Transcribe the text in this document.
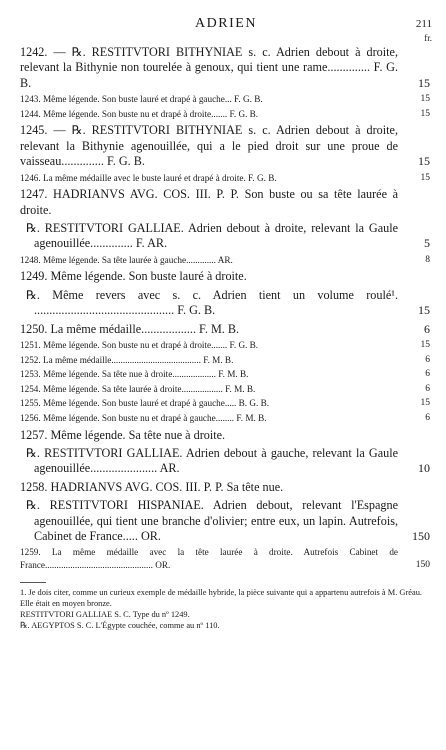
ADRIEN	211
fr.
1242. — ℞. RESTITVTORI BITHYNIAE s. c. Adrien debout à droite, relevant la Bithynie non tourelée à genoux, qui tient une rame.............. F. G. B.	15
1243. Même légende. Son buste lauré et drapé à gauche... F. G. B.	15
1244. Même légende. Son buste nu et drapé à droite....... F. G. B.	15
1245. — ℞. RESTITVTORI BITHYNIAE s. c. Adrien debout à droite, relevant la Bithynie agenouillée, qui a le pied droit sur une proue de vaisseau.............. F. G. B.	15
1246. La même médaille avec le buste lauré et drapé à droite. F. G. B.	15
1247. HADRIANVS AVG. COS. III. P. P. Son buste ou sa tête laurée à droite.
℞. RESTITVTORI GALLIAE. Adrien debout à droite, relevant la Gaule agenouillée.............. F. AR.	5
1248. Même légende. Sa tête laurée à gauche............. AR.	8
1249. Même légende. Son buste lauré à droite.
℞. Même revers avec s. c. Adrien tient un volume roulé¹. .............................................. F. G. B.	15
1250. La même médaille.................. F. M. B.	6
1251. Même légende. Son buste nu et drapé à droite....... F. G. B.	15
1252. La même médaille....................................... F. M. B.	6
1253. Même légende. Sa tête nue à droite................... F. M. B.	6
1254. Même légende. Sa tête laurée à droite.................. F. M. B.	6
1255. Même légende. Son buste lauré et drapé à gauche..... B. G. B.	15
1256. Même légende. Son buste nu et drapé à gauche........ F. M. B.	6
1257. Même légende. Sa tête nue à droite.
℞. RESTITVTORI GALLIAE. Adrien debout à gauche, relevant la Gaule agenouillée...................... AR.	10
1258. HADRIANVS AVG. COS. III. P. P. Sa tête nue.
℞. RESTITVTORI HISPANIAE. Adrien debout, relevant l'Espagne agenouillée, qui tient une branche d'olivier; entre eux, un lapin. Autrefois, Cabinet de France..... OR.	150
1259. La même médaille avec la tête laurée à droite. Autrefois Cabinet de France............................................... OR.	150
1. Je dois citer, comme un curieux exemple de médaille hybride, la pièce suivante qui a appartenu autrefois à M. Gréau. Elle était en moyen bronze.
RESTITVTORI GALLIAE S. C. Type du nº 1249.
℞. AEGYPTOS S. C. L'Égypte couchée, comme au nº 110.
